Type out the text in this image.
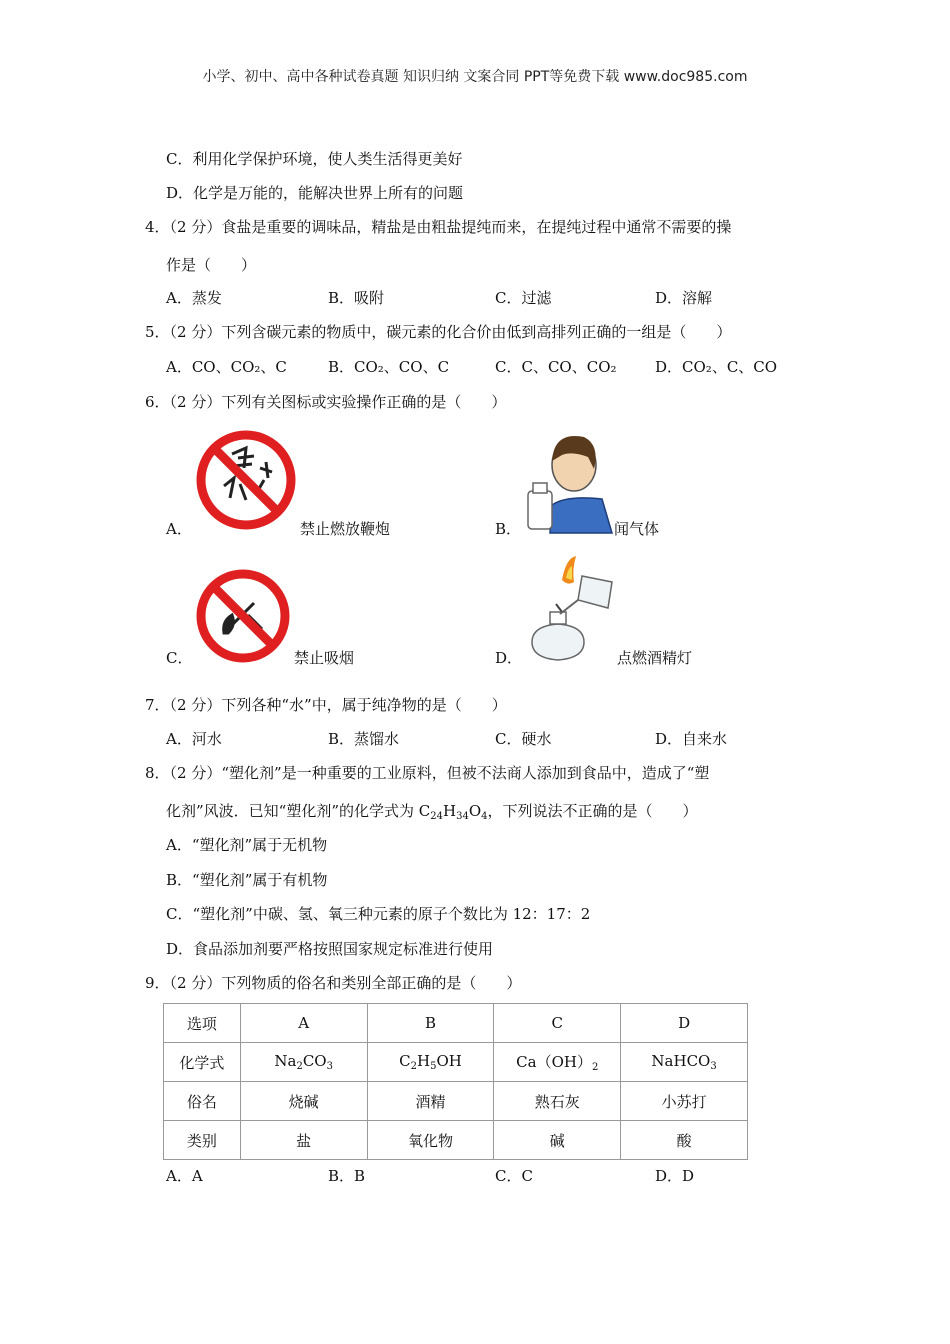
小学、初中、高中各种试卷真题 知识归纳 文案合同 PPT等免费下载 www.doc985.com
C．利用化学保护环境，使人类生活得更美好
D．化学是万能的，能解决世界上所有的问题
4．（2 分）食盐是重要的调味品，精盐是由粗盐提纯而来，在提纯过程中通常不需要的操
作是（　　）
A．蒸发	B．吸附	C．过滤	D．溶解
5．（2 分）下列含碳元素的物质中，碳元素的化合价由低到高排列正确的一组是（　　）
A．CO、CO₂、C	B．CO₂、CO、C	C．C、CO、CO₂	D．CO₂、C、CO
6．（2 分）下列有关图标或实验操作正确的是（　　）
A．	禁止燃放鞭炮	B．	闻气体
C．	禁止吸烟	D．	点燃酒精灯
7．（2 分）下列各种“水”中，属于纯净物的是（　　）
A．河水	B．蒸馏水	C．硬水	D．自来水
8．（2 分）“塑化剂”是一种重要的工业原料，但被不法商人添加到食品中，造成了“塑
化剂”风波．已知“塑化剂”的化学式为 $C_{24}H_{34}O_4$，下列说法不正确的是（　　）
A．“塑化剂”属于无机物
B．“塑化剂”属于有机物
C．“塑化剂”中碳、氢、氧三种元素的原子个数比为 12：17：2
D．食品添加剂要严格按照国家规定标准进行使用
9．（2 分）下列物质的俗名和类别全部正确的是（　　）
选项	A	B	C	D
化学式	$Na_2CO_3$	$C_2H_5OH$	$Ca(OH)_2$	NaHCO$_3$
俗名	烧碱	酒精	熟石灰	小苏打
类别	盐	氧化物	碱	酸
A．A	B．B	C．C	D．D
